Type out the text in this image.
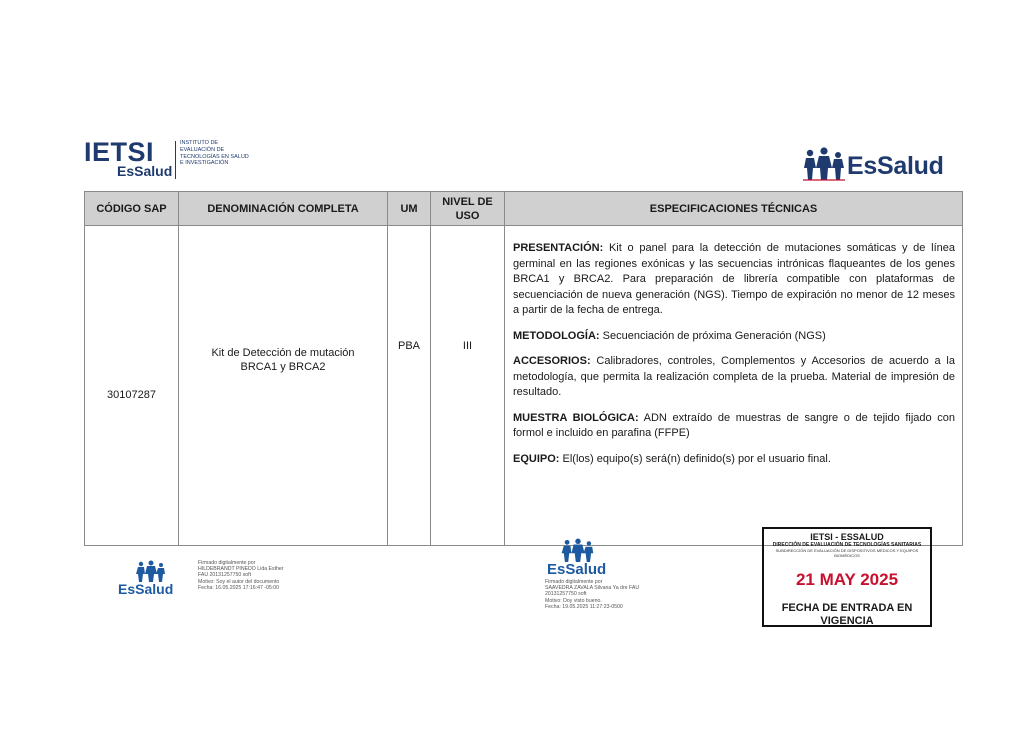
IETSI
EsSalud
INSTITUTO DE EVALUACIÓN DE TECNOLOGÍAS EN SALUD E INVESTIGACIÓN	EsSalud
CÓDIGO SAP	DENOMINACIÓN COMPLETA	UM	NIVEL DE USO	ESPECIFICACIONES TÉCNICAS
30107287	Kit de Detección de mutación BRCA1 y BRCA2	PBA	III	PRESENTACIÓN: Kit o panel para la detección de mutaciones somáticas y de línea germinal en las regiones exónicas y las secuencias intrónicas flaqueantes de los genes BRCA1 y BRCA2. Para preparación de librería compatible con plataformas de secuenciación de nueva generación (NGS). Tiempo de expiración no menor de 12 meses a partir de la fecha de entrega.

METODOLOGÍA: Secuenciación de próxima Generación (NGS)

ACCESORIOS: Calibradores, controles, Complementos y Accesorios de acuerdo a la metodología, que permita la realización completa de la prueba. Material de impresión de resultado.

MUESTRA BIOLÓGICA: ADN extraído de muestras de sangre o de tejido fijado con formol e incluido en parafina (FFPE)

EQUIPO: El(los) equipo(s) será(n) definido(s) por el usuario final.

EsSalud
Firmado digitalmente por
HILDEBRANDT PINEDO Lida Esther
FAU 20131257750 soft
Motivo: Soy el autor del documento
Fecha: 16.05.2025 17:16:47 -05:00
EsSalud
Firmado digitalmente por
SAAVEDRA ZAVALA Silvana Ya dre FAU
20131257750 soft
Motivo: Doy visto bueno.
Fecha: 19.05.2025 11:27:23-0500
IETSI - ESSALUD
DIRECCIÓN DE EVALUACIÓN DE TECNOLOGÍAS SANITARIAS
SUBDIRECCIÓN DE EVALUACIÓN DE DISPOSITIVOS MÉDICOS Y EQUIPOS BIOMÉDICOS
21 MAY 2025
FECHA DE ENTRADA EN VIGENCIA
